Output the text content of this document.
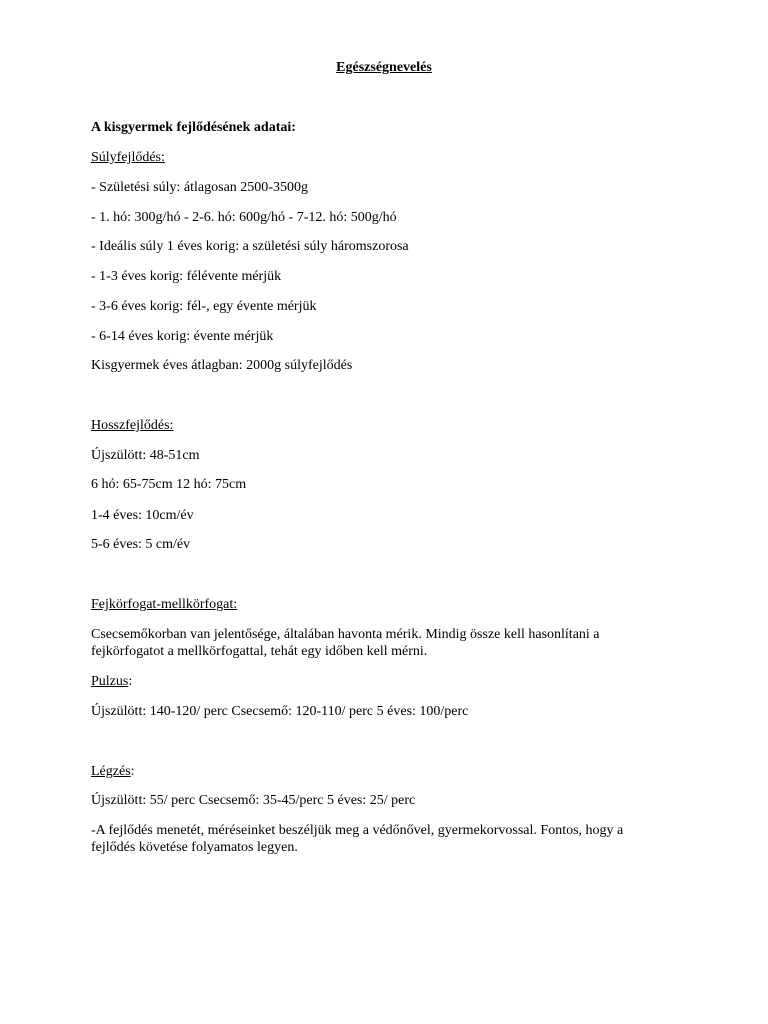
Egészségnevelés
A kisgyermek fejlődésének adatai:
Súlyfejlődés:
- Születési súly: átlagosan 2500-3500g
- 1. hó: 300g/hó - 2-6. hó: 600g/hó - 7-12. hó: 500g/hó
- Ideális súly 1 éves korig: a születési súly háromszorosa
- 1-3 éves korig: félévente mérjük
- 3-6 éves korig: fél-, egy évente mérjük
- 6-14 éves korig: évente mérjük
Kisgyermek éves átlagban: 2000g súlyfejlődés
Hosszfejlődés:
Újszülött: 48-51cm
6 hó: 65-75cm 12 hó: 75cm
1-4 éves: 10cm/év
5-6 éves: 5 cm/év
Fejkörfogat-mellkörfogat:
Csecsemőkorban van jelentősége, általában havonta mérik. Mindig össze kell hasonlítani a fejkörfogatot a mellkörfogattal, tehát egy időben kell mérni.
Pulzus:
Újszülött: 140-120/ perc Csecsemő: 120-110/ perc 5 éves: 100/perc
Légzés:
Újszülött: 55/ perc Csecsemő: 35-45/perc 5 éves: 25/ perc
-A fejlődés menetét, méréseinket beszéljük meg a védőnővel, gyermekorvossal. Fontos, hogy a fejlődés követése folyamatos legyen.
